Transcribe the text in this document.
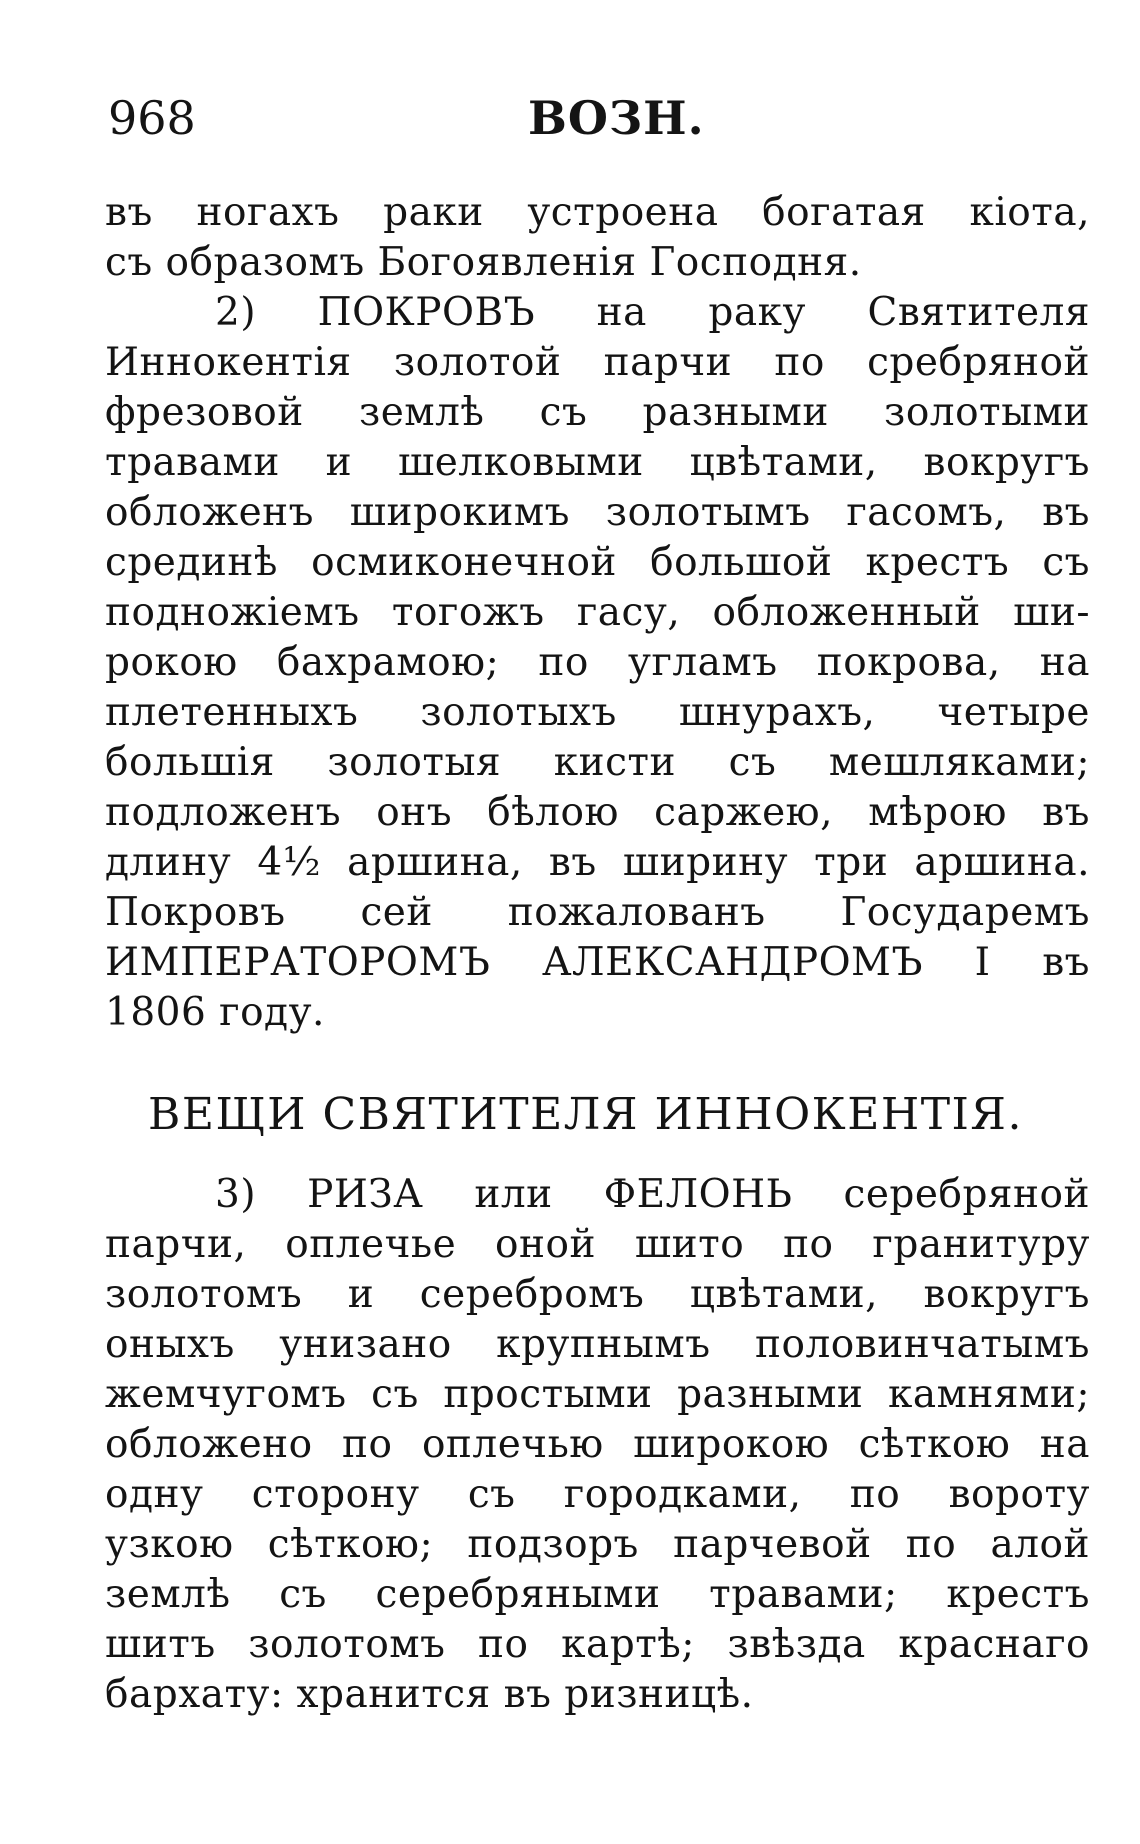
968	ВОЗН.
въ ногахъ раки устроена богатая кіота,
съ образомъ Богоявленія Господня.
2) ПОКРОВЪ на раку Святителя
Иннокентія золотой парчи по сребряной
фрезовой землѣ съ разными золотыми
травами и шелковыми цвѣтами, вокругъ
обложенъ широкимъ золотымъ гасомъ, въ
срединѣ осмиконечной большой крестъ съ
подножіемъ тогожъ гасу, обложенный ши-
рокою бахрамою; по угламъ покрова, на
плетенныхъ золотыхъ шнурахъ, четыре
большія золотыя кисти съ мешляками;
подложенъ онъ бѣлою саржею, мѣрою въ
длину 4½ аршина, въ ширину три аршина.
Покровъ сей пожалованъ Государемъ
ИМПЕРАТОРОМЪ АЛЕКСАНДРОМЪ I въ
1806 году.
ВЕЩИ СВЯТИТЕЛЯ ИННОКЕНТІЯ.
3) РИЗА или ФЕЛОНЬ серебряной
парчи, оплечье оной шито по гранитуру
золотомъ и серебромъ цвѣтами, вокругъ
оныхъ унизано крупнымъ половинчатымъ
жемчугомъ съ простыми разными камнями;
обложено по оплечью широкою сѣткою на
одну сторону съ городками, по вороту
узкою сѣткою; подзоръ парчевой по алой
землѣ съ серебряными травами; крестъ
шитъ золотомъ по картѣ; звѣзда краснаго
бархату: хранится въ ризницѣ.
